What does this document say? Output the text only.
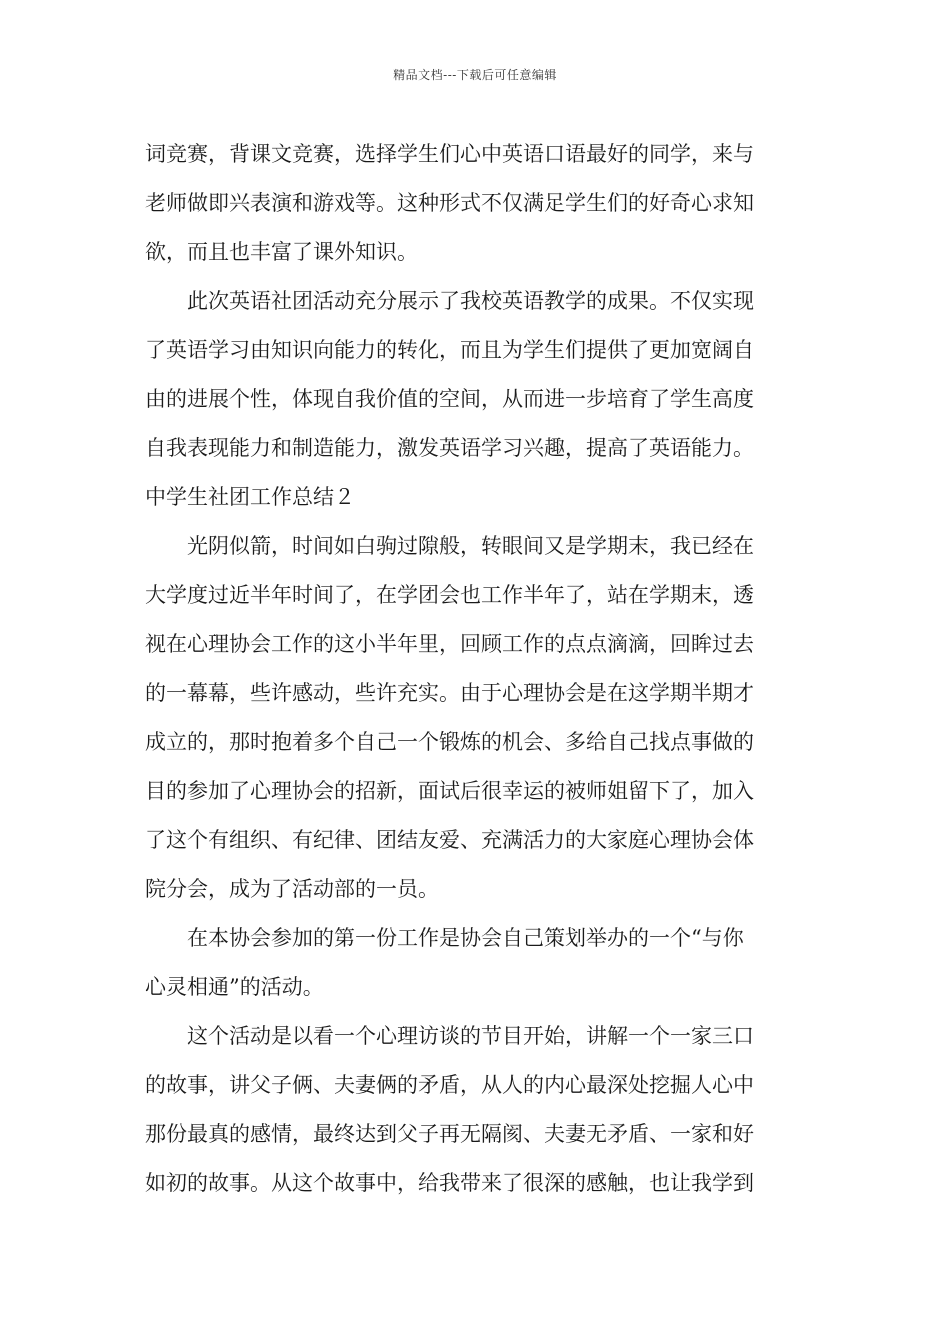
精品文档---下载后可任意编辑
词竞赛，背课文竞赛，选择学生们心中英语口语最好的同学，来与
老师做即兴表演和游戏等。这种形式不仅满足学生们的好奇心求知
欲，而且也丰富了课外知识。
此次英语社团活动充分展示了我校英语教学的成果。不仅实现
了英语学习由知识向能力的转化，而且为学生们提供了更加宽阔自
由的进展个性，体现自我价值的空间，从而进一步培育了学生高度
自我表现能力和制造能力，激发英语学习兴趣，提高了英语能力。
中学生社团工作总结２
光阴似箭，时间如白驹过隙般，转眼间又是学期末，我已经在
大学度过近半年时间了，在学团会也工作半年了，站在学期末，透
视在心理协会工作的这小半年里，回顾工作的点点滴滴，回眸过去
的一幕幕，些许感动，些许充实。由于心理协会是在这学期半期才
成立的，那时抱着多个自己一个锻炼的机会、多给自己找点事做的
目的参加了心理协会的招新，面试后很幸运的被师姐留下了，加入
了这个有组织、有纪律、团结友爱、充满活力的大家庭心理协会体
院分会，成为了活动部的一员。
在本协会参加的第一份工作是协会自己策划举办的一个“与你
心灵相通”的活动。
这个活动是以看一个心理访谈的节目开始，讲解一个一家三口
的故事，讲父子俩、夫妻俩的矛盾，从人的内心最深处挖掘人心中
那份最真的感情，最终达到父子再无隔阂、夫妻无矛盾、一家和好
如初的故事。从这个故事中，给我带来了很深的感触，也让我学到
